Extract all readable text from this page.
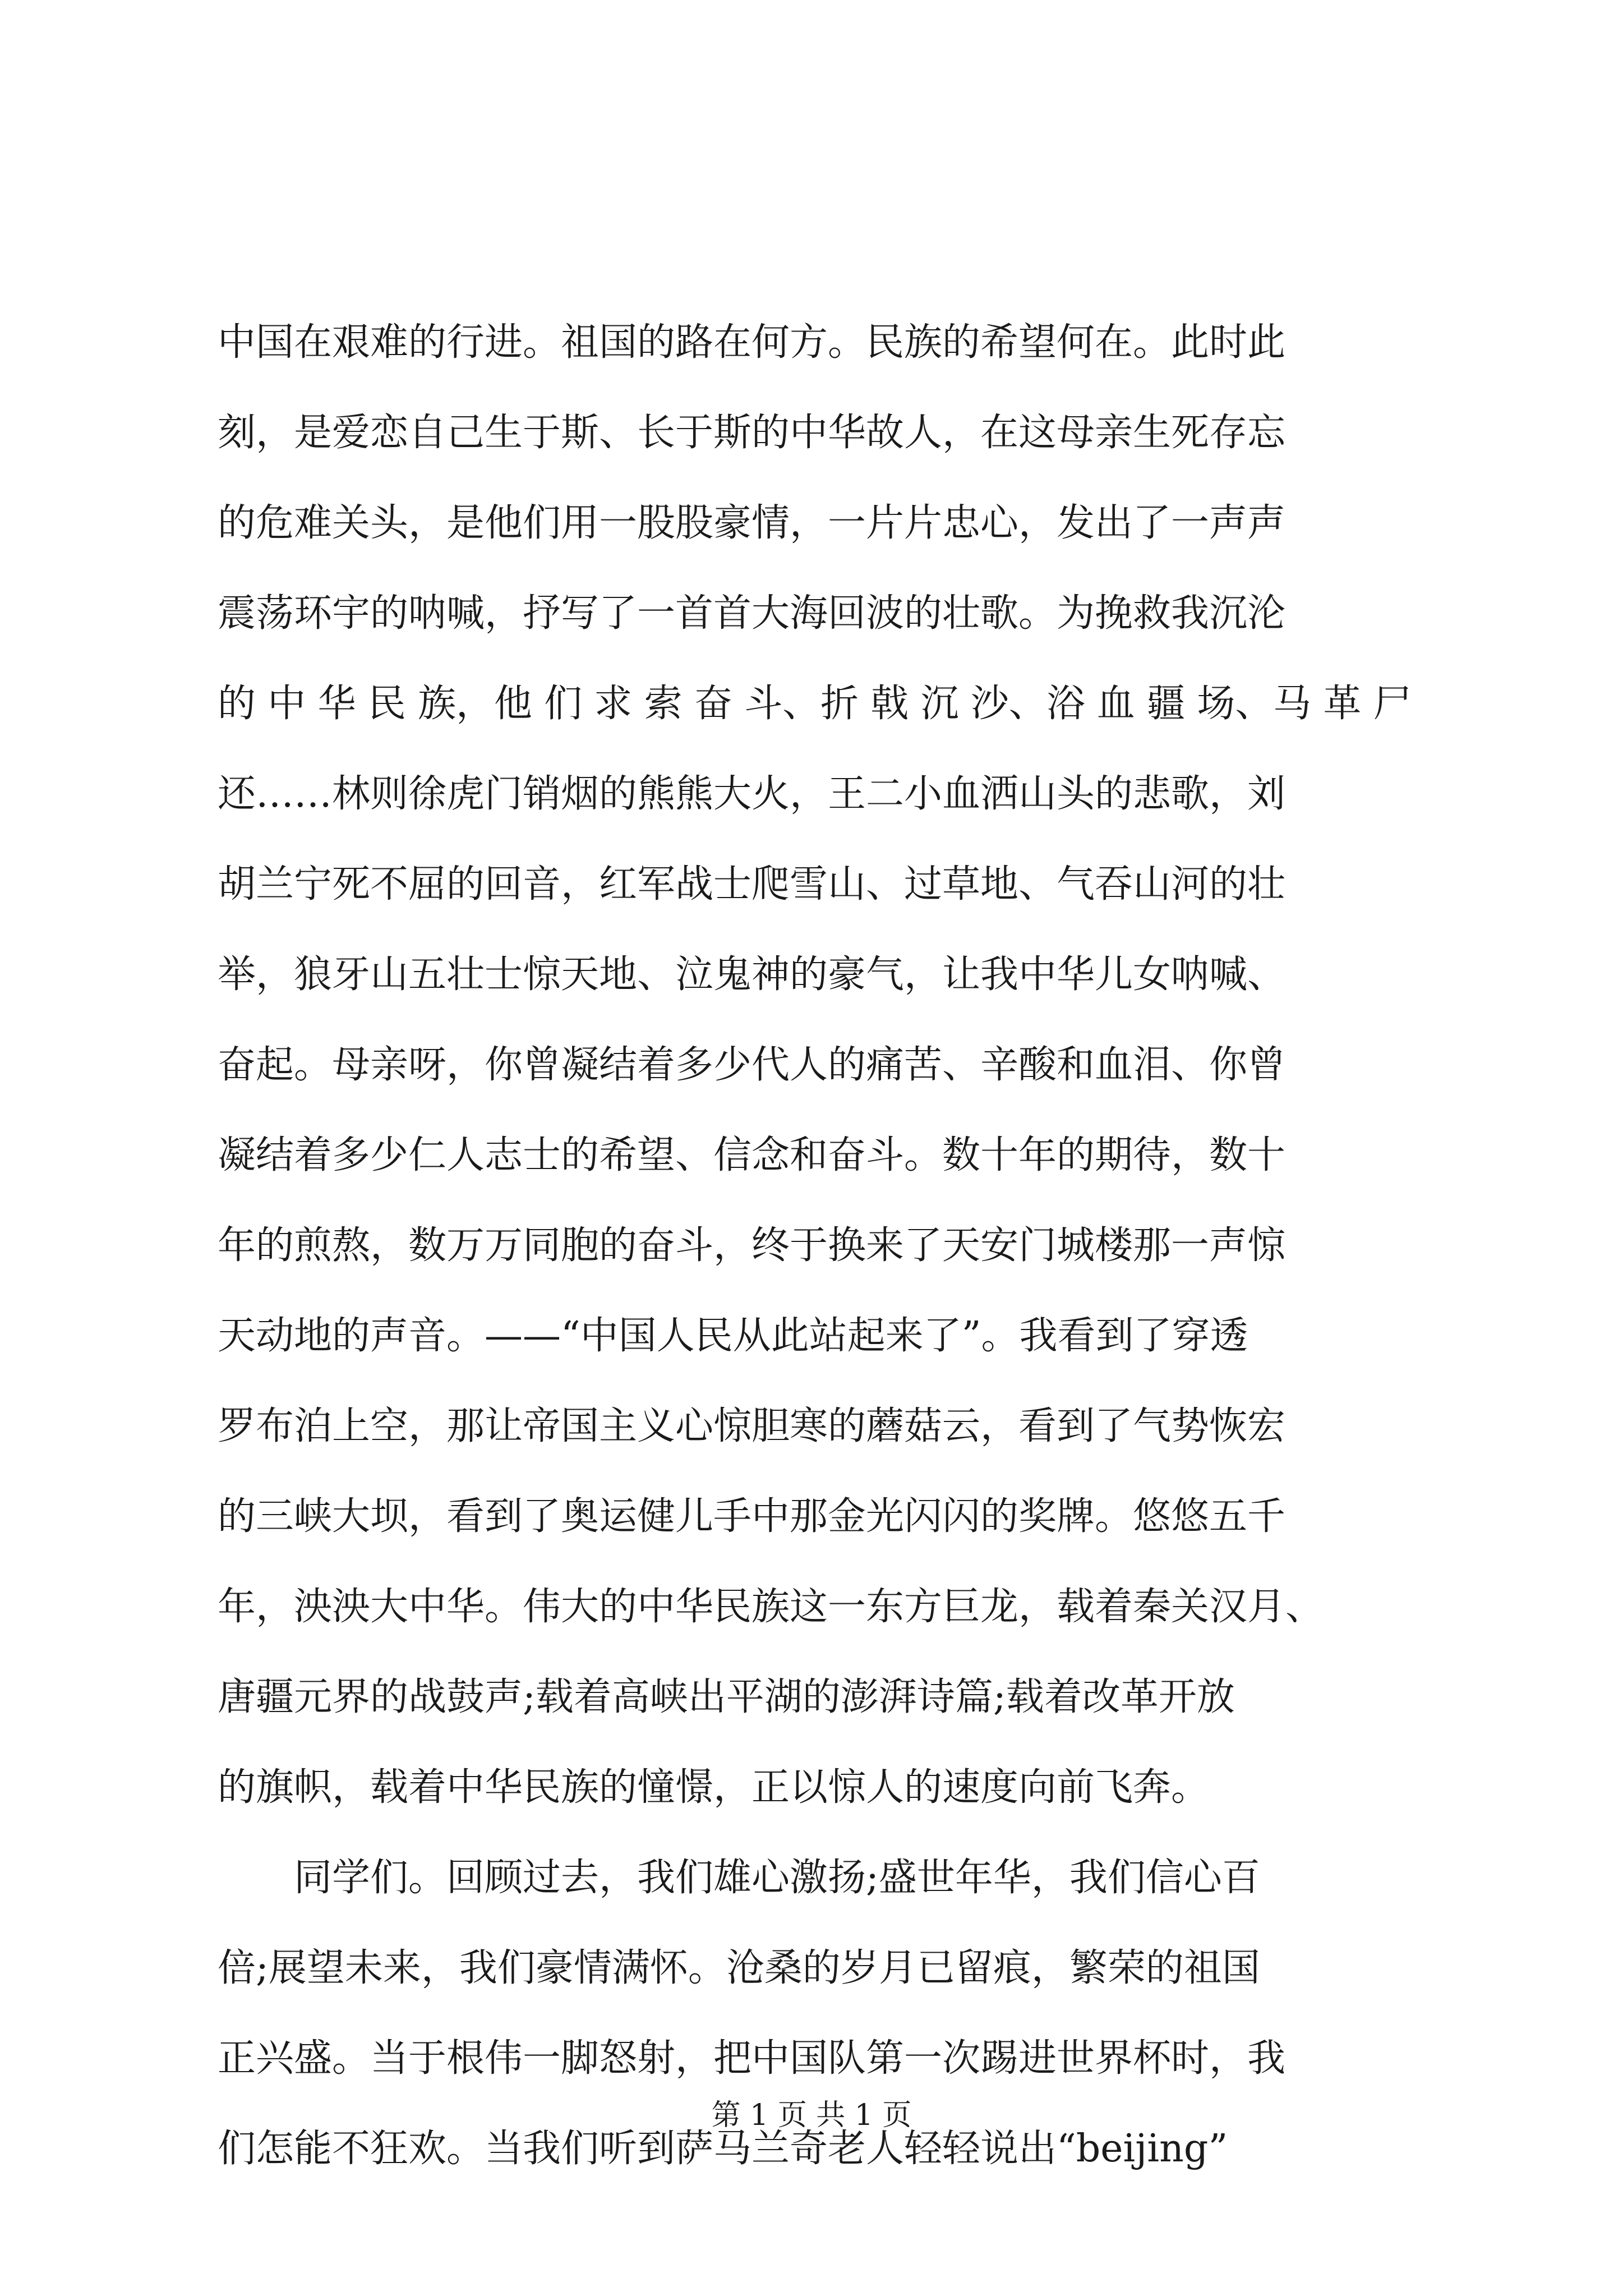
中国在艰难的行进。祖国的路在何方。民族的希望何在。此时此
刻，是爱恋自己生于斯、长于斯的中华故人，在这母亲生死存忘
的危难关头，是他们用一股股豪情，一片片忠心，发出了一声声
震荡环宇的呐喊，抒写了一首首大海回波的壮歌。为挽救我沉沦
的 中 华 民 族，他 们 求 索 奋 斗、折 戟 沉 沙、浴 血 疆 场、马 革 尸
还……林则徐虎门销烟的熊熊大火，王二小血洒山头的悲歌，刘
胡兰宁死不屈的回音，红军战士爬雪山、过草地、气吞山河的壮
举，狼牙山五壮士惊天地、泣鬼神的豪气，让我中华儿女呐喊、
奋起。母亲呀，你曾凝结着多少代人的痛苦、辛酸和血泪、你曾
凝结着多少仁人志士的希望、信念和奋斗。数十年的期待，数十
年的煎熬，数万万同胞的奋斗，终于换来了天安门城楼那一声惊
天动地的声音。——“中国人民从此站起来了”。我看到了穿透
罗布泊上空，那让帝国主义心惊胆寒的蘑菇云，看到了气势恢宏
的三峡大坝，看到了奥运健儿手中那金光闪闪的奖牌。悠悠五千
年，泱泱大中华。伟大的中华民族这一东方巨龙，载着秦关汉月、
唐疆元界的战鼓声;载着高峡出平湖的澎湃诗篇;载着改革开放
的旗帜，载着中华民族的憧憬，正以惊人的速度向前飞奔。
同学们。回顾过去，我们雄心激扬;盛世年华，我们信心百
倍;展望未来，我们豪情满怀。沧桑的岁月已留痕，繁荣的祖国
正兴盛。当于根伟一脚怒射，把中国队第一次踢进世界杯时，我
们怎能不狂欢。当我们听到萨马兰奇老人轻轻说出“beijing”
第 1 页 共 1 页
